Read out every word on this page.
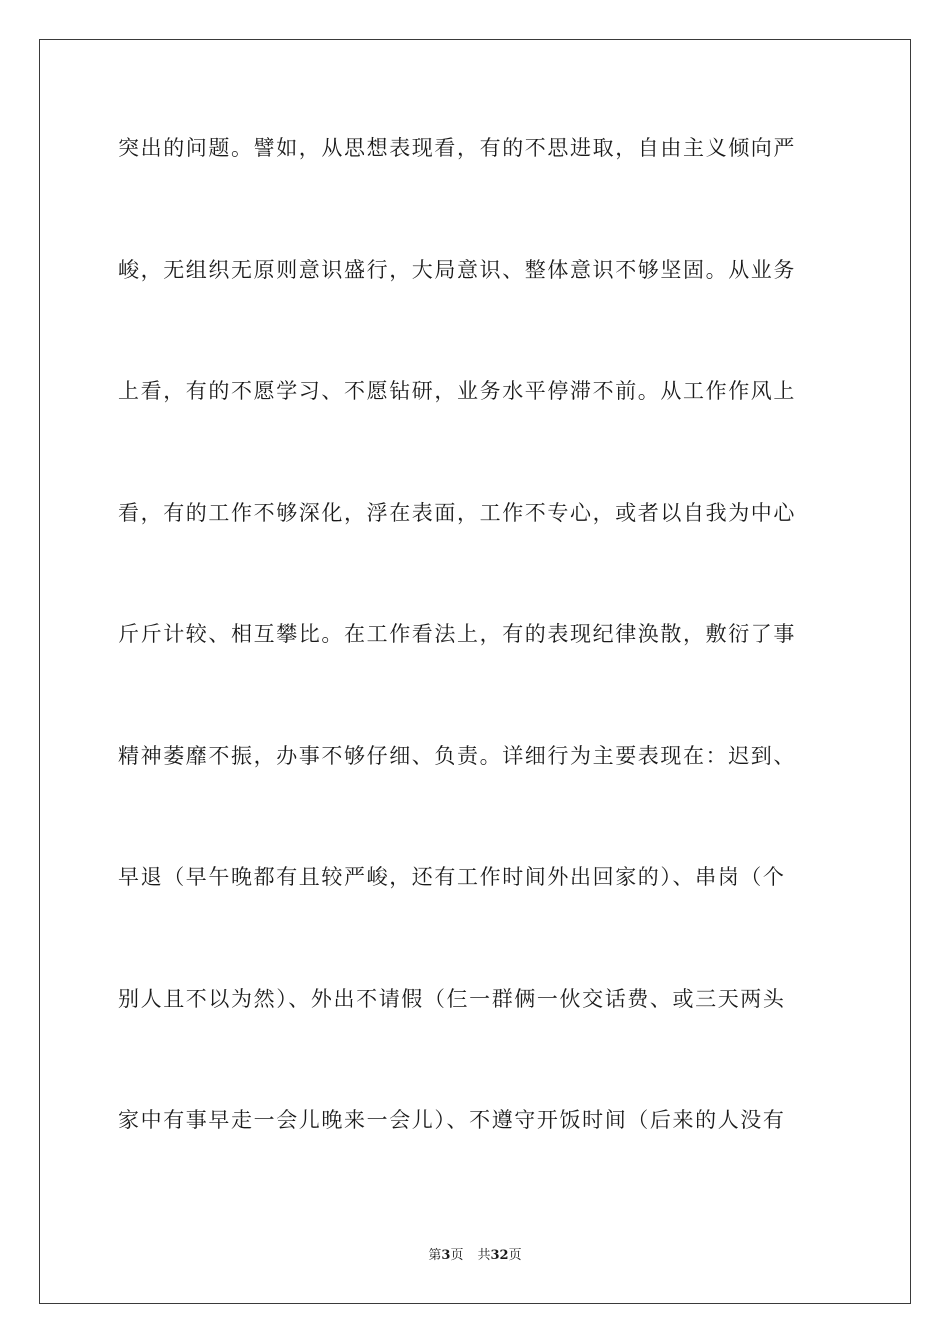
突出的问题。譬如，从思想表现看，有的不思进取，自由主义倾向严
峻，无组织无原则意识盛行，大局意识、整体意识不够坚固。从业务
上看，有的不愿学习、不愿钻研，业务水平停滞不前。从工作作风上
看，有的工作不够深化，浮在表面，工作不专心，或者以自我为中心
斤斤计较、相互攀比。在工作看法上，有的表现纪律涣散，敷衍了事
精神萎靡不振，办事不够仔细、负责。详细行为主要表现在：迟到、
早退（早午晚都有且较严峻，还有工作时间外出回家的）、串岗（个
别人且不以为然）、外出不请假（仨一群俩一伙交话费、或三天两头
家中有事早走一会儿晚来一会儿）、不遵守开饭时间（后来的人没有
第3页 共32页
